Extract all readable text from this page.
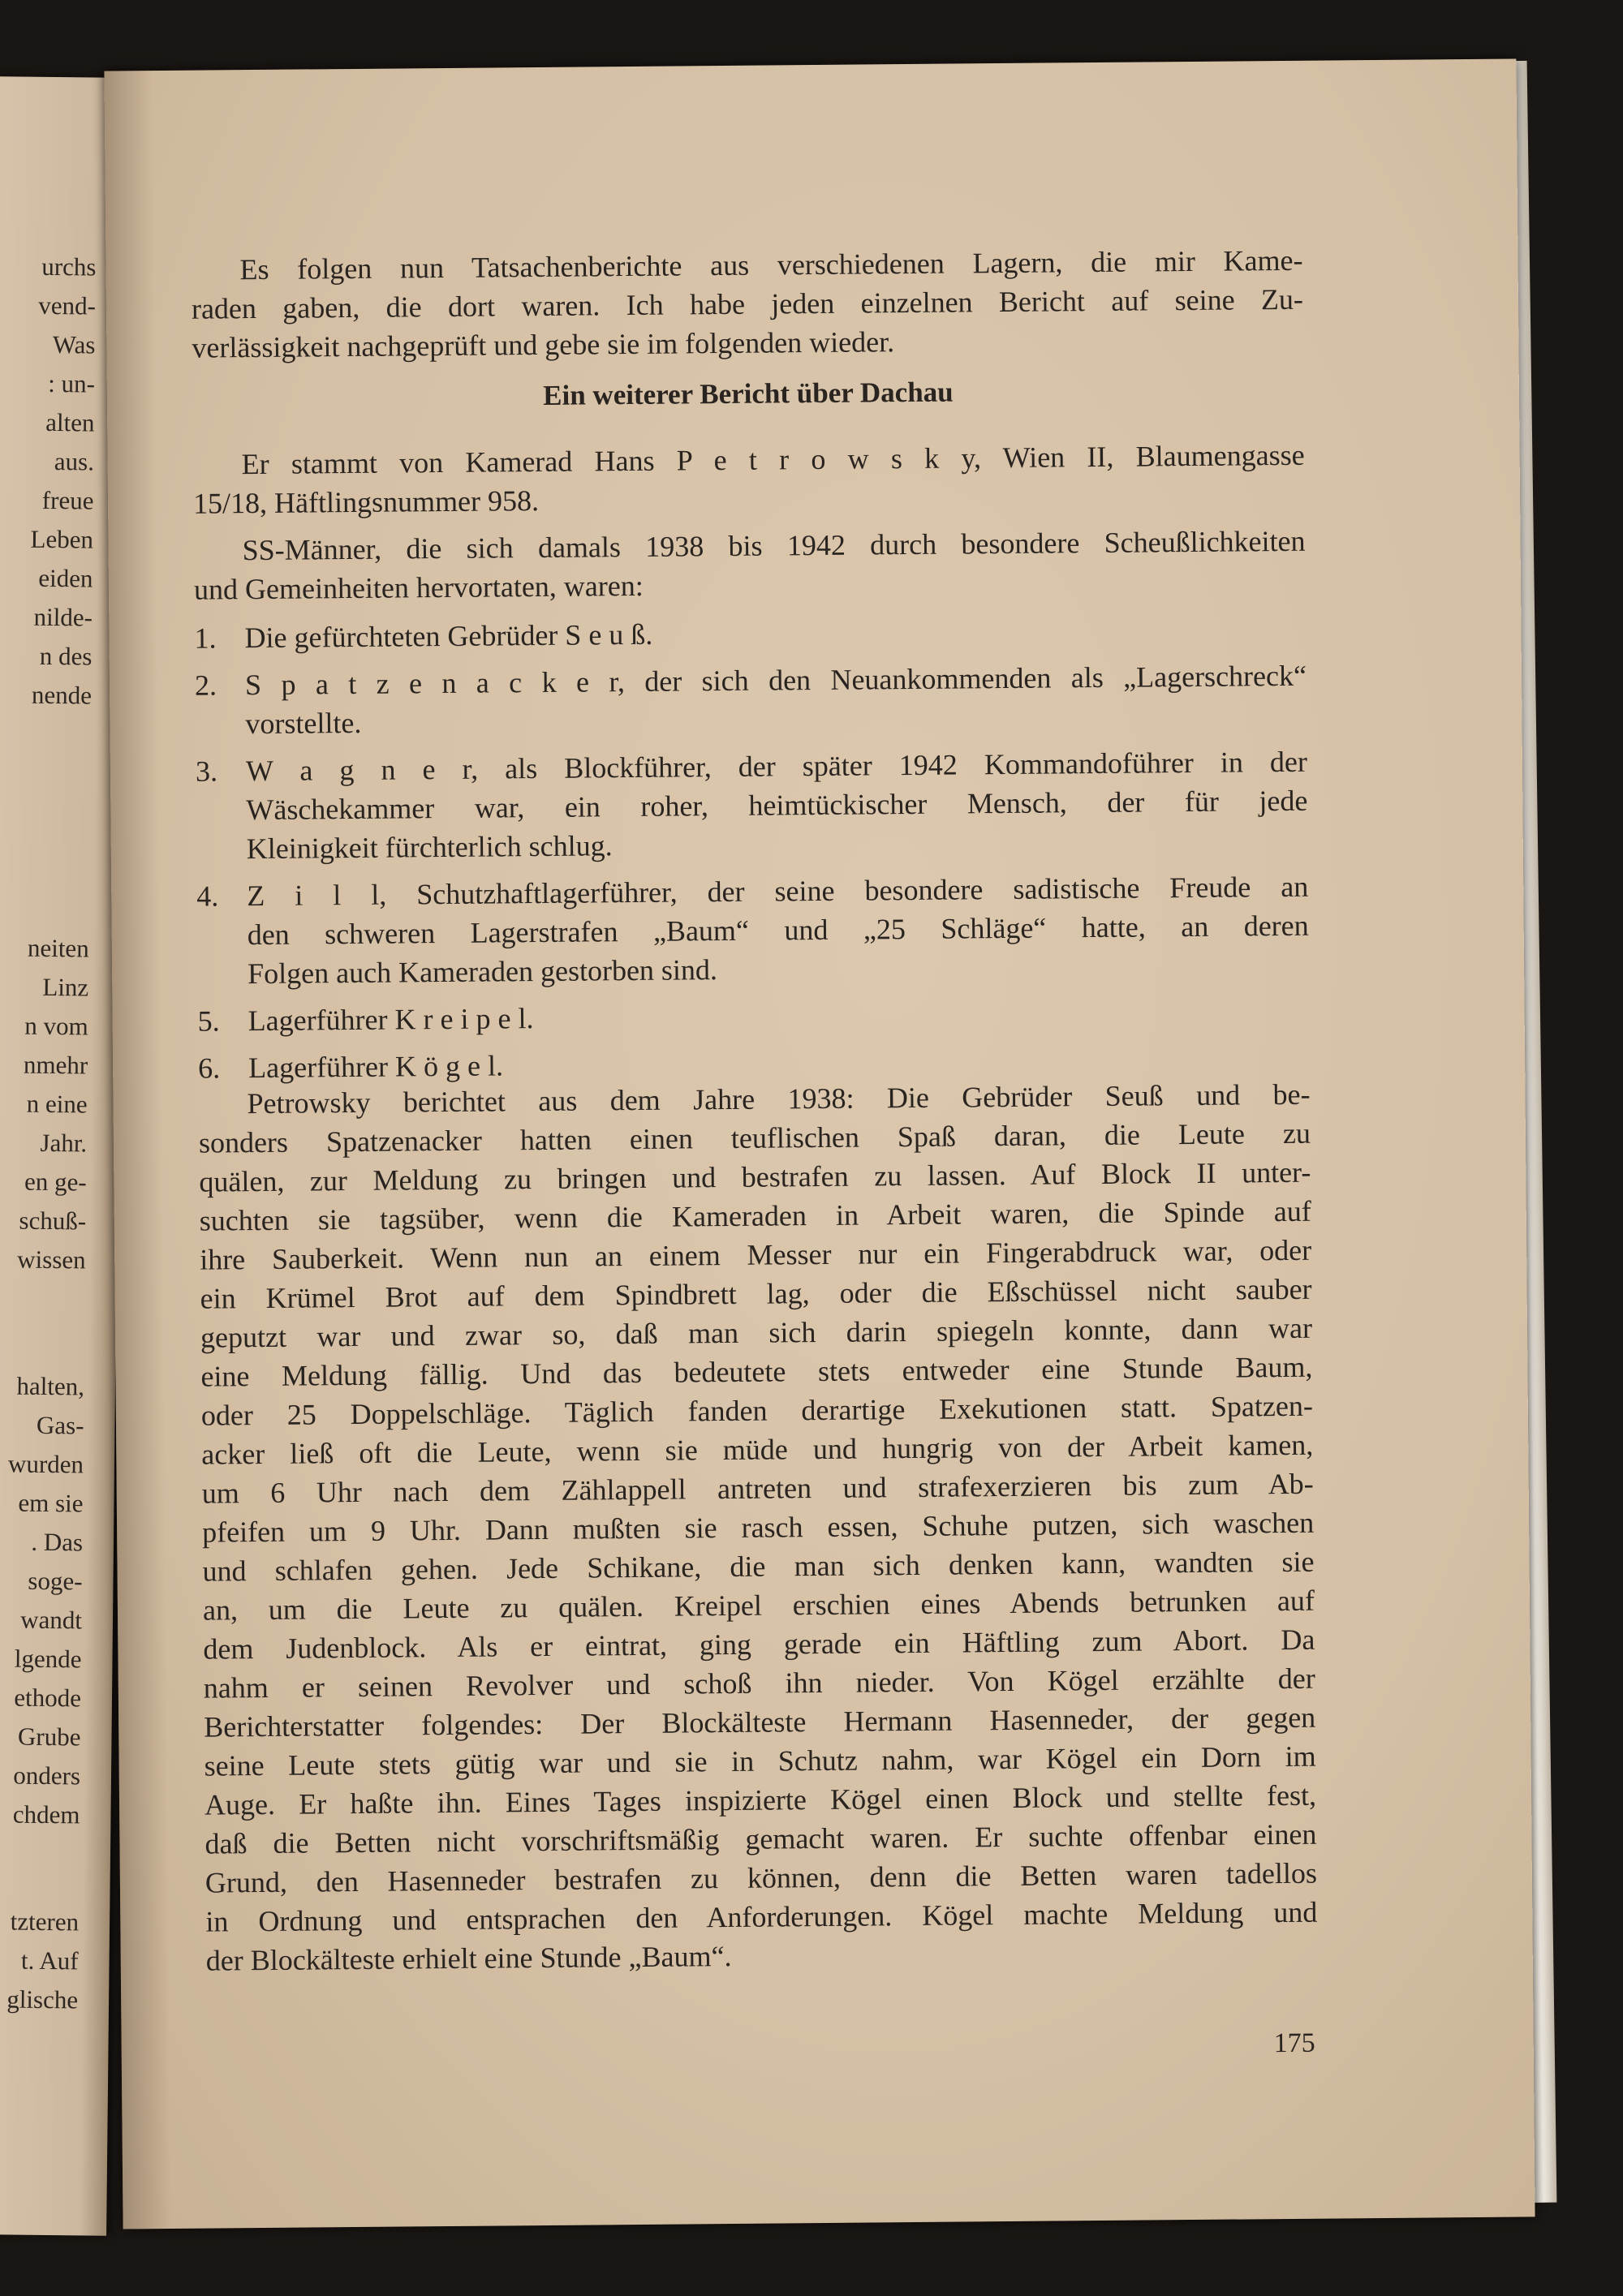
urchs
vend-
Was
: un-
alten
aus.
freue
Leben
eiden
nilde-
n des
nende
neiten
Linz
n vom
nmehr
n eine
Jahr.
en ge-
schuß-
wissen
halten,
Gas-
wurden
em sie
. Das
soge-
wandt
lgende
ethode
Grube
onders
chdem
tzteren
t. Auf
glische
Es folgen nun Tatsachenberichte aus verschiedenen Lagern, die mir Kame-
raden gaben, die dort waren. Ich habe jeden einzelnen Bericht auf seine Zu-
verlässigkeit nachgeprüft und gebe sie im folgenden wieder.
Ein weiterer Bericht über Dachau
Er stammt von Kamerad Hans P e t r o w s k y, Wien II, Blaumengasse
15/18, Häftlingsnummer 958.
SS-Männer, die sich damals 1938 bis 1942 durch besondere Scheußlichkeiten
und Gemeinheiten hervortaten, waren:
1. Die gefürchteten Gebrüder S e u ß.
2. S p a t z e n a c k e r, der sich den Neuankommenden als „Lagerschreck“
vorstellte.
3. W a g n e r, als Blockführer, der später 1942 Kommandoführer in der
Wäschekammer war, ein roher, heimtückischer Mensch, der für jede
Kleinigkeit fürchterlich schlug.
4. Z i l l, Schutzhaftlagerführer, der seine besondere sadistische Freude an
den schweren Lagerstrafen „Baum“ und „25 Schläge“ hatte, an deren
Folgen auch Kameraden gestorben sind.
5. Lagerführer K r e i p e l.
6. Lagerführer K ö g e l.
Petrowsky berichtet aus dem Jahre 1938: Die Gebrüder Seuß und be-
sonders Spatzenacker hatten einen teuflischen Spaß daran, die Leute zu
quälen, zur Meldung zu bringen und bestrafen zu lassen. Auf Block II unter-
suchten sie tagsüber, wenn die Kameraden in Arbeit waren, die Spinde auf
ihre Sauberkeit. Wenn nun an einem Messer nur ein Fingerabdruck war, oder
ein Krümel Brot auf dem Spindbrett lag, oder die Eßschüssel nicht sauber
geputzt war und zwar so, daß man sich darin spiegeln konnte, dann war
eine Meldung fällig. Und das bedeutete stets entweder eine Stunde Baum,
oder 25 Doppelschläge. Täglich fanden derartige Exekutionen statt. Spatzen-
acker ließ oft die Leute, wenn sie müde und hungrig von der Arbeit kamen,
um 6 Uhr nach dem Zählappell antreten und strafexerzieren bis zum Ab-
pfeifen um 9 Uhr. Dann mußten sie rasch essen, Schuhe putzen, sich waschen
und schlafen gehen. Jede Schikane, die man sich denken kann, wandten sie
an, um die Leute zu quälen. Kreipel erschien eines Abends betrunken auf
dem Judenblock. Als er eintrat, ging gerade ein Häftling zum Abort. Da
nahm er seinen Revolver und schoß ihn nieder. Von Kögel erzählte der
Berichterstatter folgendes: Der Blockälteste Hermann Hasenneder, der gegen
seine Leute stets gütig war und sie in Schutz nahm, war Kögel ein Dorn im
Auge. Er haßte ihn. Eines Tages inspizierte Kögel einen Block und stellte fest,
daß die Betten nicht vorschriftsmäßig gemacht waren. Er suchte offenbar einen
Grund, den Hasenneder bestrafen zu können, denn die Betten waren tadellos
in Ordnung und entsprachen den Anforderungen. Kögel machte Meldung und
der Blockälteste erhielt eine Stunde „Baum“.
175
